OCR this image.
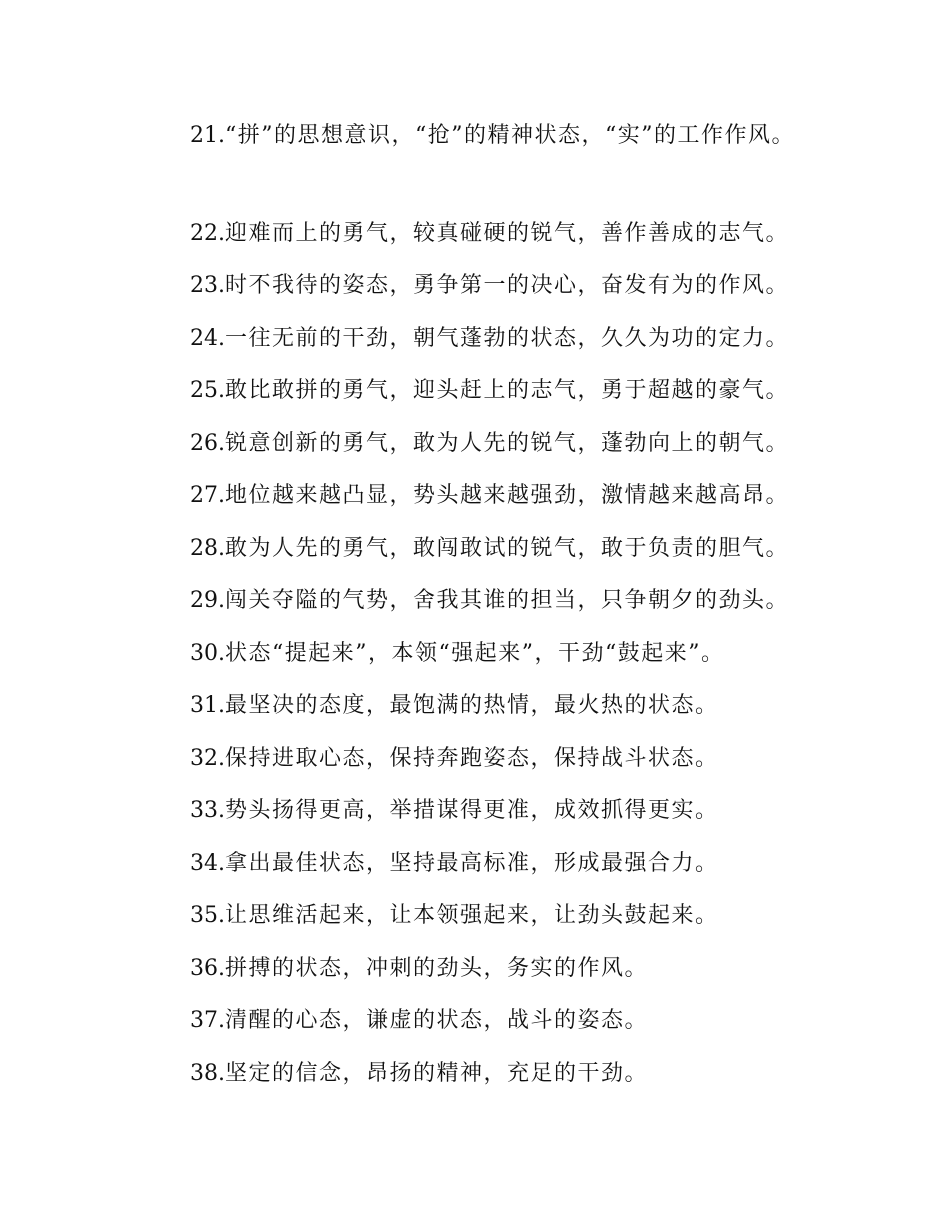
21.“拼”的思想意识，“抢”的精神状态，“实”的工作作风。

22.迎难而上的勇气，较真碰硬的锐气，善作善成的志气。

23.时不我待的姿态，勇争第一的决心，奋发有为的作风。

24.一往无前的干劲，朝气蓬勃的状态，久久为功的定力。

25.敢比敢拼的勇气，迎头赶上的志气，勇于超越的豪气。

26.锐意创新的勇气，敢为人先的锐气，蓬勃向上的朝气。

27.地位越来越凸显，势头越来越强劲，激情越来越高昂。

28.敢为人先的勇气，敢闯敢试的锐气，敢于负责的胆气。

29.闯关夺隘的气势，舍我其谁的担当，只争朝夕的劲头。

30.状态“提起来”，本领“强起来”，干劲“鼓起来”。

31.最坚决的态度，最饱满的热情，最火热的状态。

32.保持进取心态，保持奔跑姿态，保持战斗状态。

33.势头扬得更高，举措谋得更准，成效抓得更实。

34.拿出最佳状态，坚持最高标准，形成最强合力。

35.让思维活起来，让本领强起来，让劲头鼓起来。

36.拼搏的状态，冲刺的劲头，务实的作风。

37.清醒的心态，谦虚的状态，战斗的姿态。

38.坚定的信念，昂扬的精神，充足的干劲。
